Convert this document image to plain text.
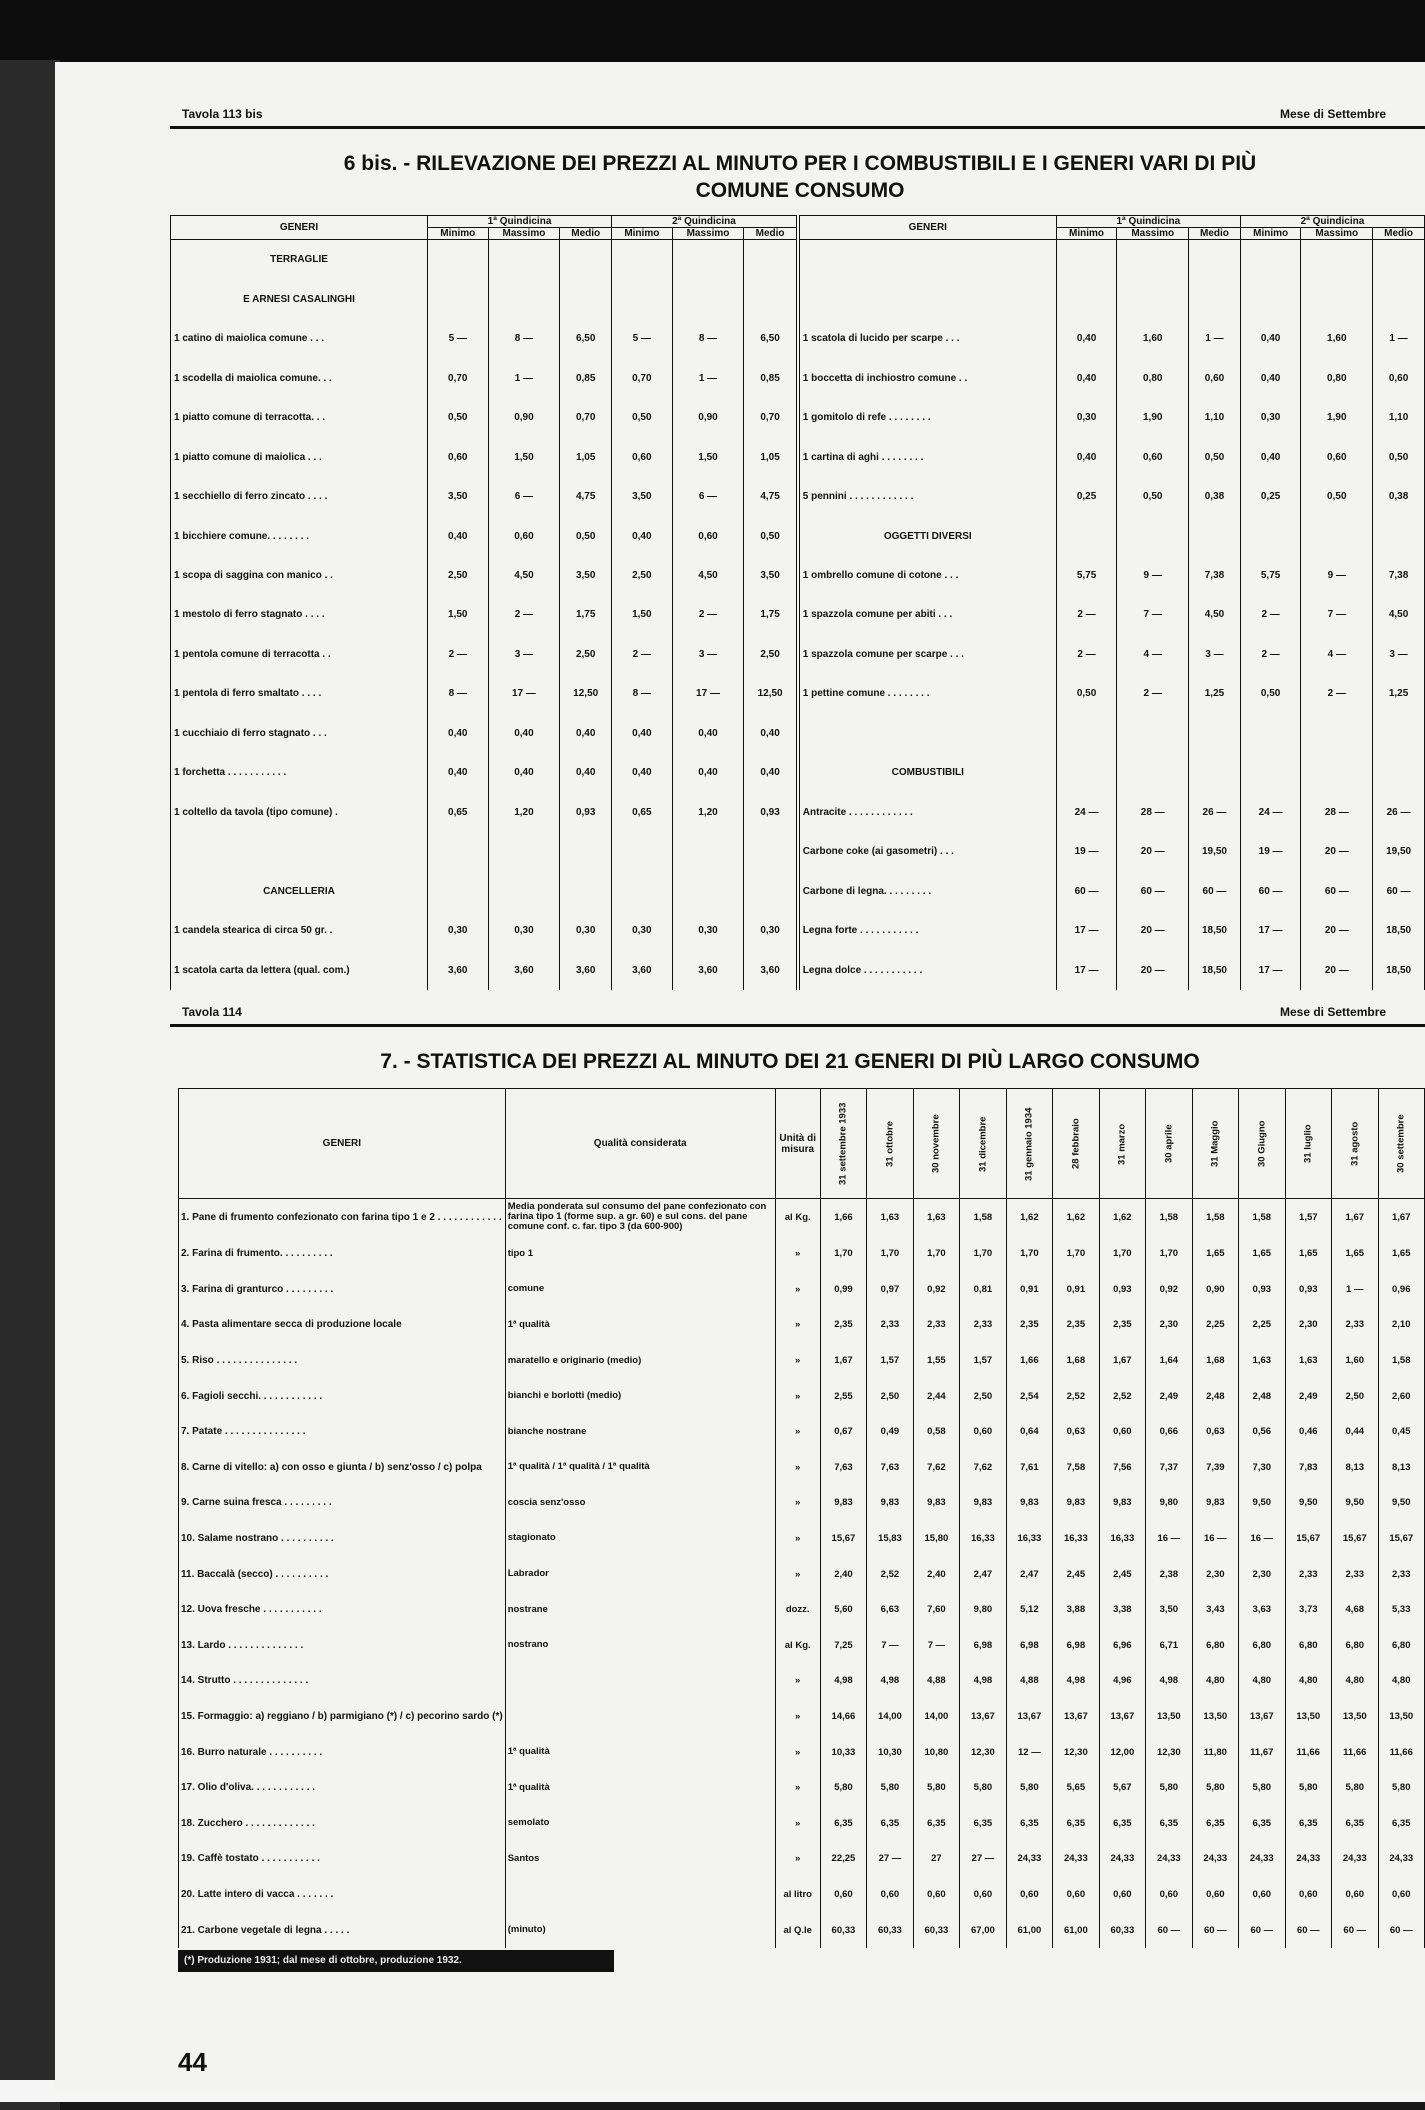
Tavola 113 bis	Mese di Settembre
6 bis. - RILEVAZIONE DEI PREZZI AL MINUTO PER I COMBUSTIBILI E I GENERI VARI DI PIÙ COMUNE CONSUMO
GENERI	1ª Quindicina			2ª Quindicina			GENERI	1ª Quindicina			2ª Quindicina		
	Minimo	Massimo	Medio	Minimo	Massimo	Medio		Minimo	Massimo	Medio	Minimo	Massimo	Medio
TERRAGLIE													
E ARNESI CASALINGHI													
1 catino di maiolica comune . . .	5 —	8 —	6,50	5 —	8 —	6,50	1 scatola di lucido per scarpe . . .	0,40	1,60	1 —	0,40	1,60	1 —
1 scodella di maiolica comune. . .	0,70	1 —	0,85	0,70	1 —	0,85	1 boccetta di inchiostro comune . .	0,40	0,80	0,60	0,40	0,80	0,60
1 piatto comune di terracotta. . .	0,50	0,90	0,70	0,50	0,90	0,70	1 gomitolo di refe . . . . . . . .	0,30	1,90	1,10	0,30	1,90	1,10
1 piatto comune di maiolica . . .	0,60	1,50	1,05	0,60	1,50	1,05	1 cartina di aghi . . . . . . . .	0,40	0,60	0,50	0,40	0,60	0,50
1 secchiello di ferro zincato . . . .	3,50	6 —	4,75	3,50	6 —	4,75	5 pennini . . . . . . . . . . . .	0,25	0,50	0,38	0,25	0,50	0,38
1 bicchiere comune. . . . . . . .	0,40	0,60	0,50	0,40	0,60	0,50	OGGETTI DIVERSI						
1 scopa di saggina con manico . .	2,50	4,50	3,50	2,50	4,50	3,50	1 ombrello comune di cotone . . .	5,75	9 —	7,38	5,75	9 —	7,38
1 mestolo di ferro stagnato . . . .	1,50	2 —	1,75	1,50	2 —	1,75	1 spazzola comune per abiti . . .	2 —	7 —	4,50	2 —	7 —	4,50
1 pentola comune di terracotta . .	2 —	3 —	2,50	2 —	3 —	2,50	1 spazzola comune per scarpe . . .	2 —	4 —	3 —	2 —	4 —	3 —
1 pentola di ferro smaltato . . . .	8 —	17 —	12,50	8 —	17 —	12,50	1 pettine comune . . . . . . . .	0,50	2 —	1,25	0,50	2 —	1,25
1 cucchiaio di ferro stagnato . . .	0,40	0,40	0,40	0,40	0,40	0,40							
1 forchetta . . . . . . . . . . .	0,40	0,40	0,40	0,40	0,40	0,40	COMBUSTIBILI						
1 coltello da tavola (tipo comune) .	0,65	1,20	0,93	0,65	1,20	0,93	Antracite . . . . . . . . . . . .	24 —	28 —	26 —	24 —	28 —	26 —
							Carbone coke (ai gasometri) . . .	19 —	20 —	19,50	19 —	20 —	19,50
CANCELLERIA							Carbone di legna. . . . . . . . .	60 —	60 —	60 —	60 —	60 —	60 —
1 candela stearica di circa 50 gr. .	0,30	0,30	0,30	0,30	0,30	0,30	Legna forte . . . . . . . . . . .	17 —	20 —	18,50	17 —	20 —	18,50
1 scatola carta da lettera (qual. com.)	3,60	3,60	3,60	3,60	3,60	3,60	Legna dolce . . . . . . . . . . .	17 —	20 —	18,50	17 —	20 —	18,50
Tavola 114	Mese di Settembre
7. - STATISTICA DEI PREZZI AL MINUTO DEI 21 GENERI DI PIÙ LARGO CONSUMO
GENERI	Qualità considerata	Unità di misura	31 settembre 1933	31 ottobre	30 novembre	31 dicembre	31 gennaio 1934	28 febbraio	31 marzo	30 aprile	31 Maggio	30 Giugno	31 luglio	31 agosto	30 settembre
1. Pane di frumento confezionato con farina tipo 1 e 2 . . . . . . . . . . . .	Media ponderata sul consumo del pane confezionato con farina tipo 1 (forme sup. a gr. 60) e sul cons. del pane comune conf. c. far. tipo 3 (da 600-900)	al Kg.	1,66	1,63	1,63	1,58	1,62	1,62	1,62	1,58	1,58	1,58	1,57	1,67	1,67
2. Farina di frumento. . . . . . . . . .	tipo 1	»	1,70	1,70	1,70	1,70	1,70	1,70	1,70	1,70	1,65	1,65	1,65	1,65	1,65
3. Farina di granturco . . . . . . . . .	comune	»	0,99	0,97	0,92	0,81	0,91	0,91	0,93	0,92	0,90	0,93	0,93	1 —	0,96
4. Pasta alimentare secca di produzione locale	1ª qualità	»	2,35	2,33	2,33	2,33	2,35	2,35	2,35	2,30	2,25	2,25	2,30	2,33	2,10
5. Riso . . . . . . . . . . . . . . .	maratello e originario (medio)	»	1,67	1,57	1,55	1,57	1,66	1,68	1,67	1,64	1,68	1,63	1,63	1,60	1,58
6. Fagioli secchi. . . . . . . . . . . .	bianchi e borlotti (medio)	»	2,55	2,50	2,44	2,50	2,54	2,52	2,52	2,49	2,48	2,48	2,49	2,50	2,60
7. Patate . . . . . . . . . . . . . . .	bianche nostrane	»	0,67	0,49	0,58	0,60	0,64	0,63	0,60	0,66	0,63	0,56	0,46	0,44	0,45
8. Carne di vitello: a) con osso e giunta / b) senz'osso / c) polpa	1ª qualità / 1ª qualità / 1ª qualità	»	7,63	7,63	7,62	7,62	7,61	7,58	7,56	7,37	7,39	7,30	7,83	8,13	8,13
9. Carne suina fresca . . . . . . . . .	coscia senz'osso	»	9,83	9,83	9,83	9,83	9,83	9,83	9,83	9,80	9,83	9,50	9,50	9,50	9,50
10. Salame nostrano . . . . . . . . . .	stagionato	»	15,67	15,83	15,80	16,33	16,33	16,33	16,33	16 —	16 —	16 —	15,67	15,67	15,67
11. Baccalà (secco) . . . . . . . . . .	Labrador	»	2,40	2,52	2,40	2,47	2,47	2,45	2,45	2,38	2,30	2,30	2,33	2,33	2,33
12. Uova fresche . . . . . . . . . . .	nostrane	dozz.	5,60	6,63	7,60	9,80	5,12	3,88	3,38	3,50	3,43	3,63	3,73	4,68	5,33
13. Lardo . . . . . . . . . . . . . .	nostrano	al Kg.	7,25	7 —	7 —	6,98	6,98	6,98	6,96	6,71	6,80	6,80	6,80	6,80	6,80
14. Strutto . . . . . . . . . . . . . .		»	4,98	4,98	4,88	4,98	4,88	4,98	4,96	4,98	4,80	4,80	4,80	4,80	4,80
15. Formaggio: a) reggiano / b) parmigiano (*) / c) pecorino sardo (*)		»	14,66	14,00	14,00	13,67	13,67	13,67	13,67	13,50	13,50	13,67	13,50	13,50	13,50
16. Burro naturale . . . . . . . . . .	1ª qualità	»	10,33	10,30	10,80	12,30	12 —	12,30	12,00	12,30	11,80	11,67	11,66	11,66	11,66
17. Olio d'oliva. . . . . . . . . . . .	1ª qualità	»	5,80	5,80	5,80	5,80	5,80	5,65	5,67	5,80	5,80	5,80	5,80	5,80	5,80
18. Zucchero . . . . . . . . . . . . .	semolato	»	6,35	6,35	6,35	6,35	6,35	6,35	6,35	6,35	6,35	6,35	6,35	6,35	6,35
19. Caffè tostato . . . . . . . . . . .	Santos	»	22,25	27 —	27	27 —	24,33	24,33	24,33	24,33	24,33	24,33	24,33	24,33	24,33
20. Latte intero di vacca . . . . . . .		al litro	0,60	0,60	0,60	0,60	0,60	0,60	0,60	0,60	0,60	0,60	0,60	0,60	0,60
21. Carbone vegetale di legna . . . . .	(minuto)	al Q.le	60,33	60,33	60,33	67,00	61,00	61,00	60,33	60 —	60 —	60 —	60 —	60 —	60 —
(*) Produzione 1931; dal mese di ottobre, produzione 1932.
44
